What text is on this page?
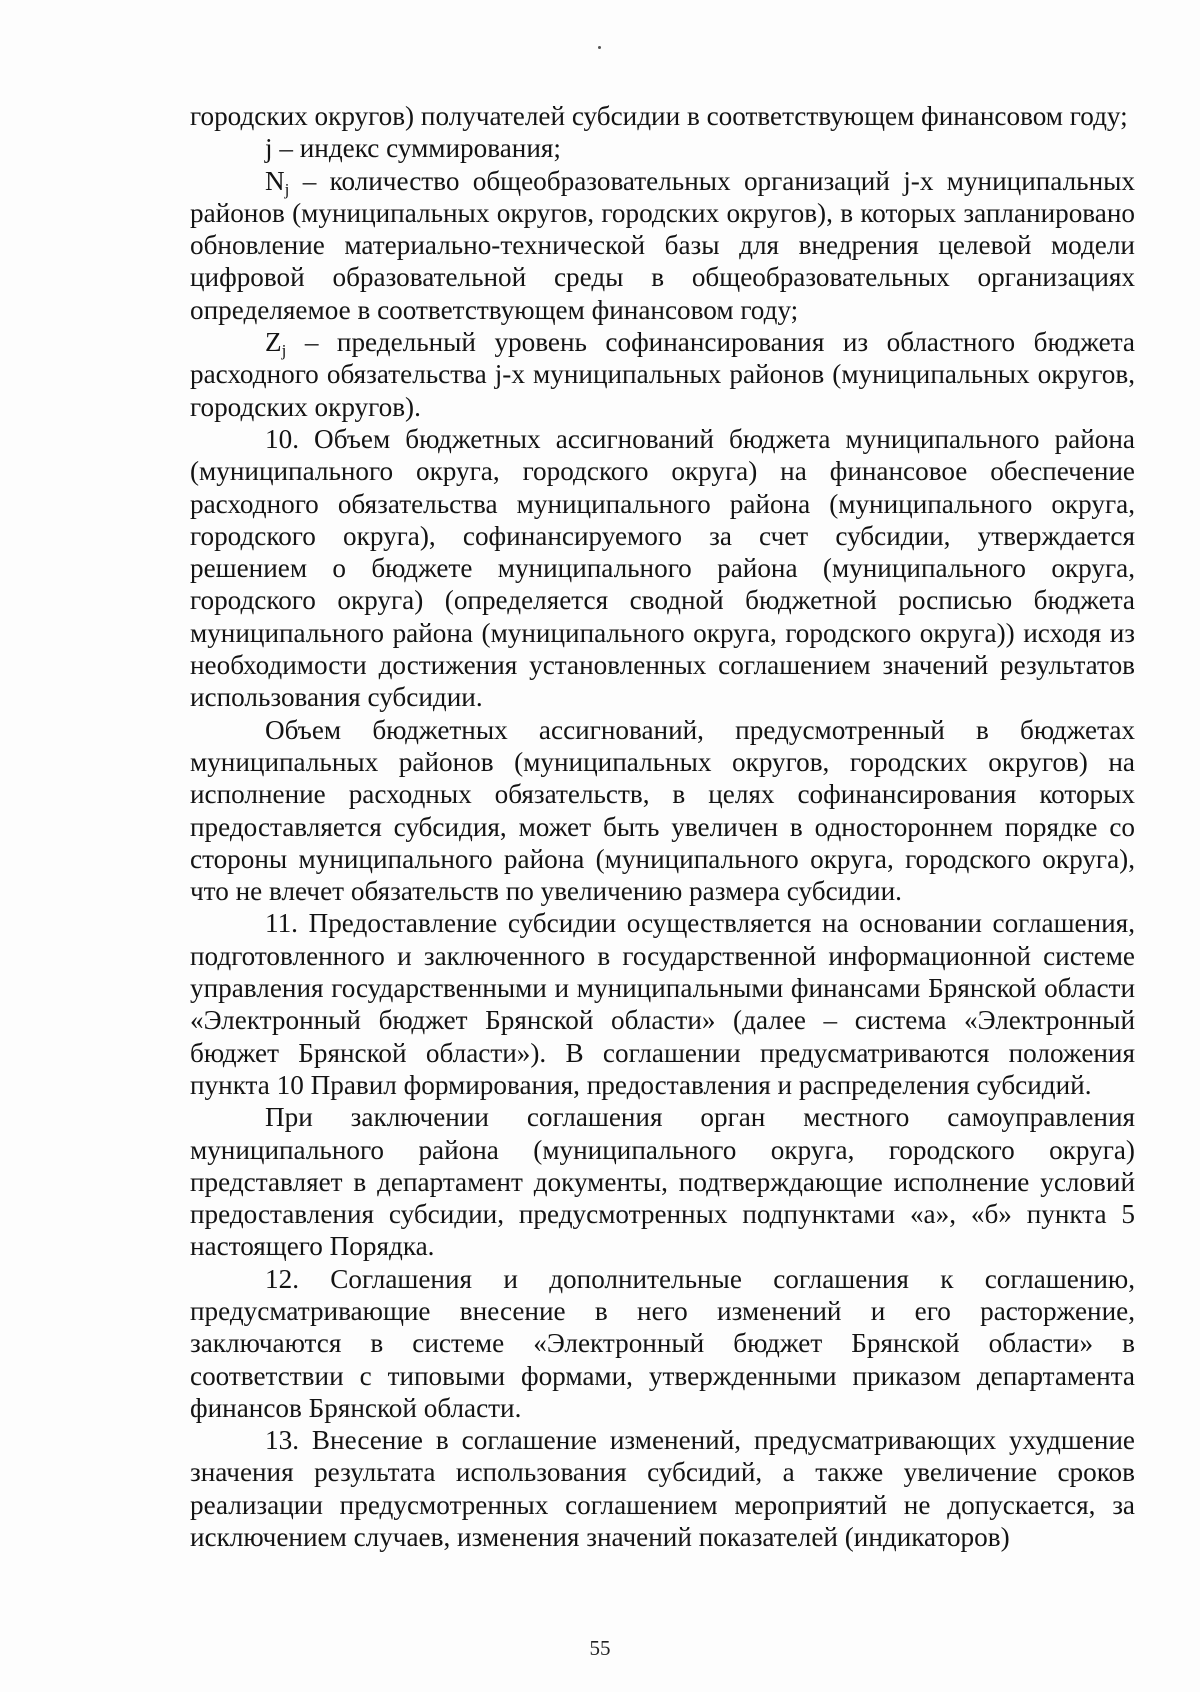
городских округов) получателей субсидии в соответствующем финансовом году;

j – индекс суммирования;

$N_j$ – количество общеобразовательных организаций j-х муниципальных районов (муниципальных округов, городских округов), в которых запланировано обновление материально-технической базы для внедрения целевой модели цифровой образовательной среды в общеобразовательных организациях определяемое в соответствующем финансовом году;

$Z_j$ – предельный уровень софинансирования из областного бюджета расходного обязательства j-х муниципальных районов (муниципальных округов, городских округов).

10. Объем бюджетных ассигнований бюджета муниципального района (муниципального округа, городского округа) на финансовое обеспечение расходного обязательства муниципального района (муниципального округа, городского округа), софинансируемого за счет субсидии, утверждается решением о бюджете муниципального района (муниципального округа, городского округа) (определяется сводной бюджетной росписью бюджета муниципального района (муниципального округа, городского округа)) исходя из необходимости достижения установленных соглашением значений результатов использования субсидии.

Объем бюджетных ассигнований, предусмотренный в бюджетах муниципальных районов (муниципальных округов, городских округов) на исполнение расходных обязательств, в целях софинансирования которых предоставляется субсидия, может быть увеличен в одностороннем порядке со стороны муниципального района (муниципального округа, городского округа), что не влечет обязательств по увеличению размера субсидии.

11. Предоставление субсидии осуществляется на основании соглашения, подготовленного и заключенного в государственной информационной системе управления государственными и муниципальными финансами Брянской области «Электронный бюджет Брянской области» (далее – система «Электронный бюджет Брянской области»). В соглашении предусматриваются положения пункта 10 Правил формирования, предоставления и распределения субсидий.

При заключении соглашения орган местного самоуправления муниципального района (муниципального округа, городского округа) представляет в департамент документы, подтверждающие исполнение условий предоставления субсидии, предусмотренных подпунктами «а», «б» пункта 5 настоящего Порядка.

12. Соглашения и дополнительные соглашения к соглашению, предусматривающие внесение в него изменений и его расторжение, заключаются в системе «Электронный бюджет Брянской области» в соответствии с типовыми формами, утвержденными приказом департамента финансов Брянской области.

13. Внесение в соглашение изменений, предусматривающих ухудшение значения результата использования субсидий, а также увеличение сроков реализации предусмотренных соглашением мероприятий не допускается, за исключением случаев, изменения значений показателей (индикаторов)

55
